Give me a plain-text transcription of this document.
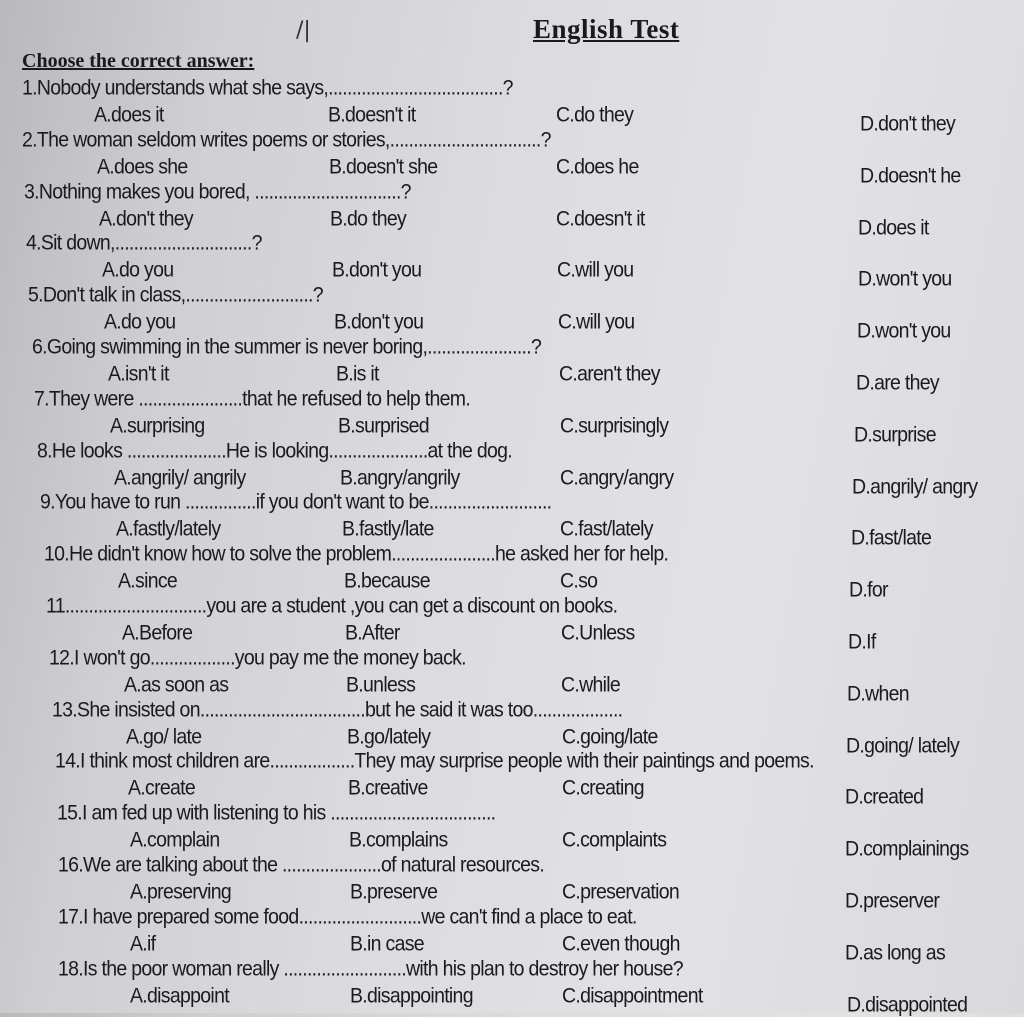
/|	English Test
Choose the correct answer:
1.Nobody understands what she says,.....................................?
A.does it	B.doesn't it	C.do they	D.don't they
2.The woman seldom writes poems or stories,................................?
A.does she	B.doesn't she	C.does he	D.doesn't he
3.Nothing makes you bored, ...............................?
A.don't they	B.do they	C.doesn't it	D.does it
4.Sit down,.............................?
A.do you	B.don't you	C.will you	D.won't you
5.Don't talk in class,...........................?
A.do you	B.don't you	C.will you	D.won't you
6.Going swimming in the summer is never boring,......................?
A.isn't it	B.is it	C.aren't they	D.are they
7.They were ......................that he refused to help them.
A.surprising	B.surprised	C.surprisingly	D.surprise
8.He looks .....................He is looking.....................at the dog.
A.angrily/ angrily	B.angry/angrily	C.angry/angry	D.angrily/ angry
9.You have to run ...............if you don't want to be..........................
A.fastly/lately	B.fastly/late	C.fast/lately	D.fast/late
10.He didn't know how to solve the problem......................he asked her for help.
A.since	B.because	C.so	D.for
11..............................you are a student ,you can get a discount on books.
A.Before	B.After	C.Unless	D.If
12.I won't go..................you pay me the money back.
A.as soon as	B.unless	C.while	D.when
13.She insisted on...................................but he said it was too...................
A.go/ late	B.go/lately	C.going/late	D.going/ lately
14.I think most children are..................They may surprise people with their paintings and poems.
A.create	B.creative	C.creating	D.created
15.I am fed up with listening to his ...................................
A.complain	B.complains	C.complaints	D.complainings
16.We are talking about the .....................of natural resources.
A.preserving	B.preserve	C.preservation	D.preserver
17.I have prepared some food..........................we can't find a place to eat.
A.if	B.in case	C.even though	D.as long as
18.Is the poor woman really ..........................with his plan to destroy her house?
A.disappoint	B.disappointing	C.disappointment	D.disappointed
